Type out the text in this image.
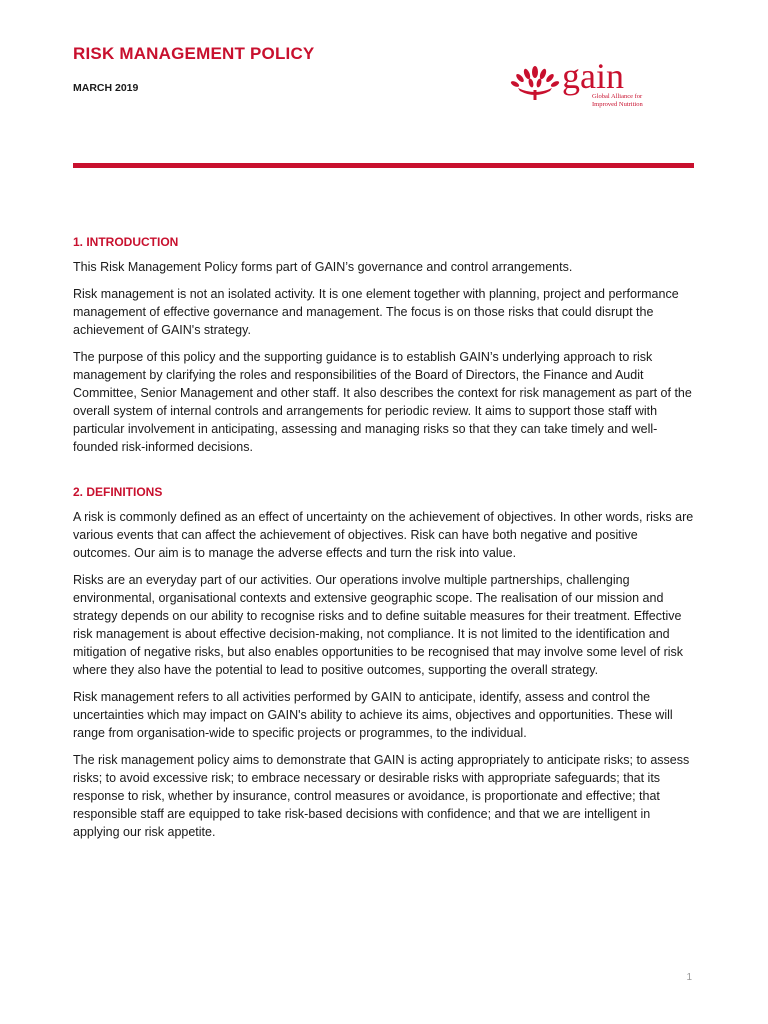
RISK MANAGEMENT POLICY
MARCH 2019	gain
Global Alliance for
Improved Nutrition
1. INTRODUCTION

This Risk Management Policy forms part of GAIN’s governance and control arrangements.

Risk management is not an isolated activity. It is one element together with planning, project and performance management of effective governance and management. The focus is on those risks that could disrupt the achievement of GAIN's strategy.

The purpose of this policy and the supporting guidance is to establish GAIN’s underlying approach to risk management by clarifying the roles and responsibilities of the Board of Directors, the Finance and Audit Committee, Senior Management and other staff. It also describes the context for risk management as part of the overall system of internal controls and arrangements for periodic review. It aims to support those staff with particular involvement in anticipating, assessing and managing risks so that they can take timely and well-founded risk-informed decisions.

2. DEFINITIONS

A risk is commonly defined as an effect of uncertainty on the achievement of objectives. In other words, risks are various events that can affect the achievement of objectives. Risk can have both negative and positive outcomes. Our aim is to manage the adverse effects and turn the risk into value.

Risks are an everyday part of our activities. Our operations involve multiple partnerships, challenging environmental, organisational contexts and extensive geographic scope. The realisation of our mission and strategy depends on our ability to recognise risks and to define suitable measures for their treatment. Effective risk management is about effective decision-making, not compliance. It is not limited to the identification and mitigation of negative risks, but also enables opportunities to be recognised that may involve some level of risk where they also have the potential to lead to positive outcomes, supporting the overall strategy.

Risk management refers to all activities performed by GAIN to anticipate, identify, assess and control the uncertainties which may impact on GAIN's ability to achieve its aims, objectives and opportunities. These will range from organisation-wide to specific projects or programmes, to the individual.

The risk management policy aims to demonstrate that GAIN is acting appropriately to anticipate risks; to assess risks; to avoid excessive risk; to embrace necessary or desirable risks with appropriate safeguards; that its response to risk, whether by insurance, control measures or avoidance, is proportionate and effective; that responsible staff are equipped to take risk-based decisions with confidence; and that we are intelligent in applying our risk appetite.

1
